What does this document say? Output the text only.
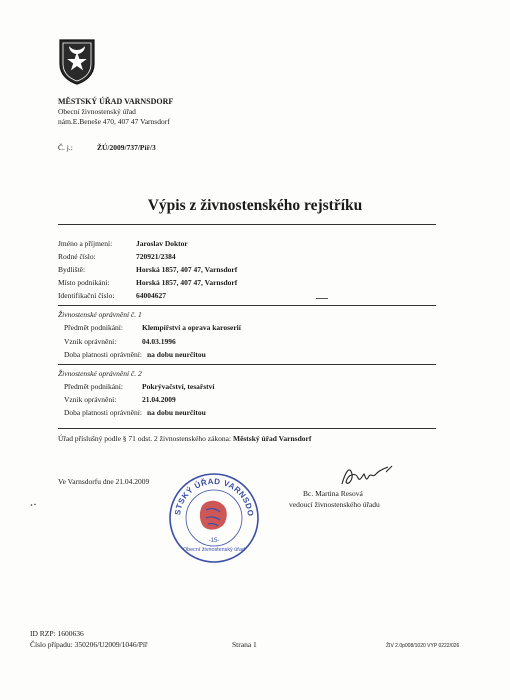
MĚSTSKÝ ÚŘAD VARNSDORF
Obecní živnostenský úřad
nám.E.Beneše 470, 407 47 Varnsdorf
Č. j.:	ŽÚ/2009/737/Píř/3
Výpis z živnostenského rejstříku
Jméno a příjmení:	Jaroslav Doktor
Rodné číslo:	720921/2384
Bydliště:	Horská 1857, 407 47, Varnsdorf
Místo podnikání:	Horská 1857, 407 47, Varnsdorf
Identifikační číslo:	64004627
Živnostenské oprávnění č. 1
Předmět podnikání:	Klempířství a oprava karoserií
Vznik oprávnění:	04.03.1996
Doba platnosti oprávnění: na dobu neurčitou
Živnostenské oprávnění č. 2
Předmět podnikání:	Pokrývačství, tesařství
Vznik oprávnění:	21.04.2009
Doba platnosti oprávnění: na dobu neurčitou
Úřad příslušný podle § 71 odst. 2 živnostenského zákona: Městský úřad Varnsdorf
Ve Varnsdorfu dne 21.04.2009
Bc. Martina Resová
vedoucí živnostenského úřadu
STSKÝ ÚŘAD VARNSDO
-15-
Obecní živnostenský úřad
ID RZP: 1600636
Číslo případu: 350206/U2009/1046/Píř	Strana 1	ŽIV 2.0p008/1020 VYP 0222/026
